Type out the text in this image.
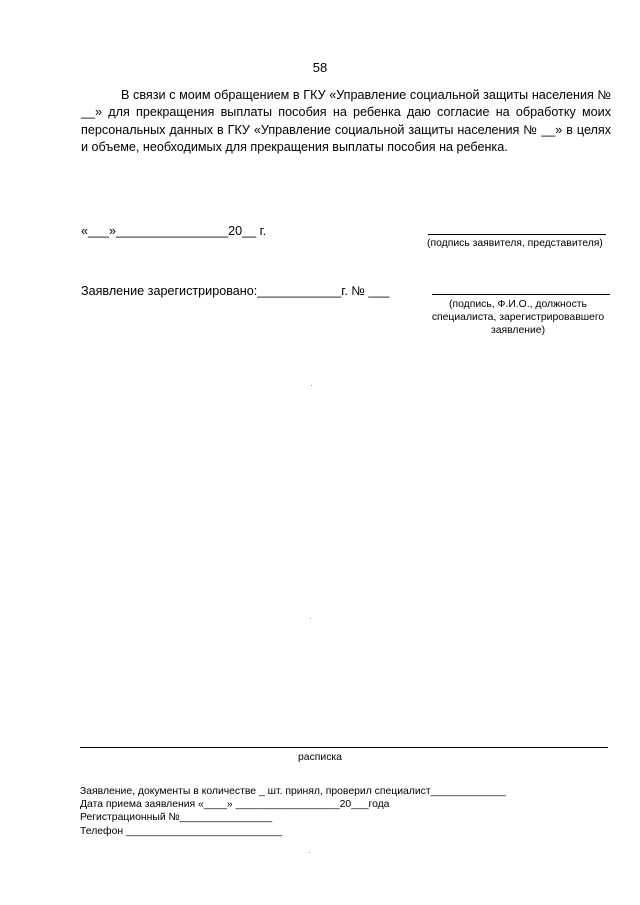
58

В связи с моим обращением в ГКУ «Управление социальной защиты населения № __» для прекращения выплаты пособия на ребенка даю согласие на обработку моих персональных данных в ГКУ «Управление социальной защиты населения № __» в целях и объеме, необходимых для прекращения выплаты пособия на ребенка.

«___»________________20__ г.
(подпись заявителя, представителя)
Заявление зарегистрировано:____________г. № ___
(подпись, Ф.И.О., должность
специалиста, зарегистрировавшего
заявление)
расписка
Заявление, документы в количестве _ шт. принял, проверил специалист_____________
Дата приема заявления «____» __________________20___года
Регистрационный №________________
Телефон ___________________________
